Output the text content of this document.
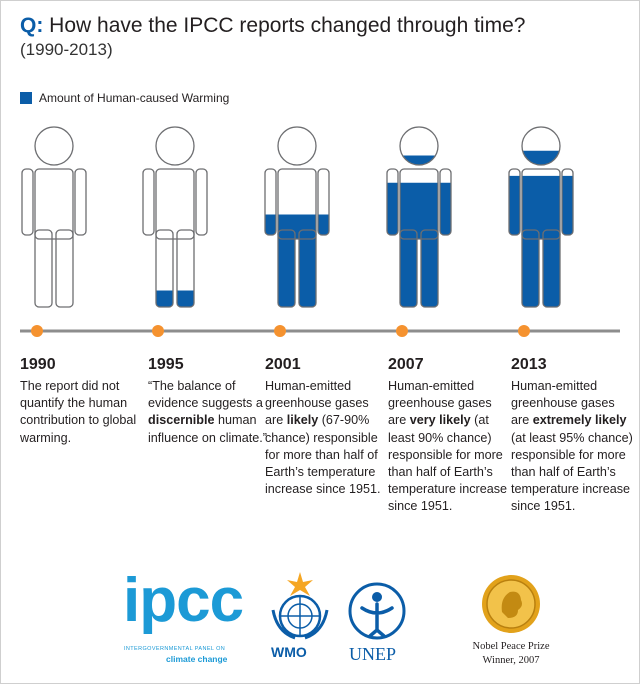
Q: How have the IPCC reports changed through time?
(1990-2013)
Amount of Human-caused Warming
1990
The report did not quantify the human contribution to global warming.
1995
“The balance of evidence suggests a discernible human influence on climate.”
2001
Human-emitted greenhouse gases are likely (67-90% chance) responsible for more than half of Earth’s temperature increase since 1951.
2007
Human-emitted greenhouse gases are very likely (at least 90% chance) responsible for more than half of Earth’s temperature increase since 1951.
2013
Human-emitted greenhouse gases are extremely likely (at least 95% chance) responsible for more than half of Earth’s temperature increase since 1951.
ipcc
INTERGOVERNMENTAL PANEL ON
climate change	WMO UNEP	Nobel Peace Prize
Winner, 2007
